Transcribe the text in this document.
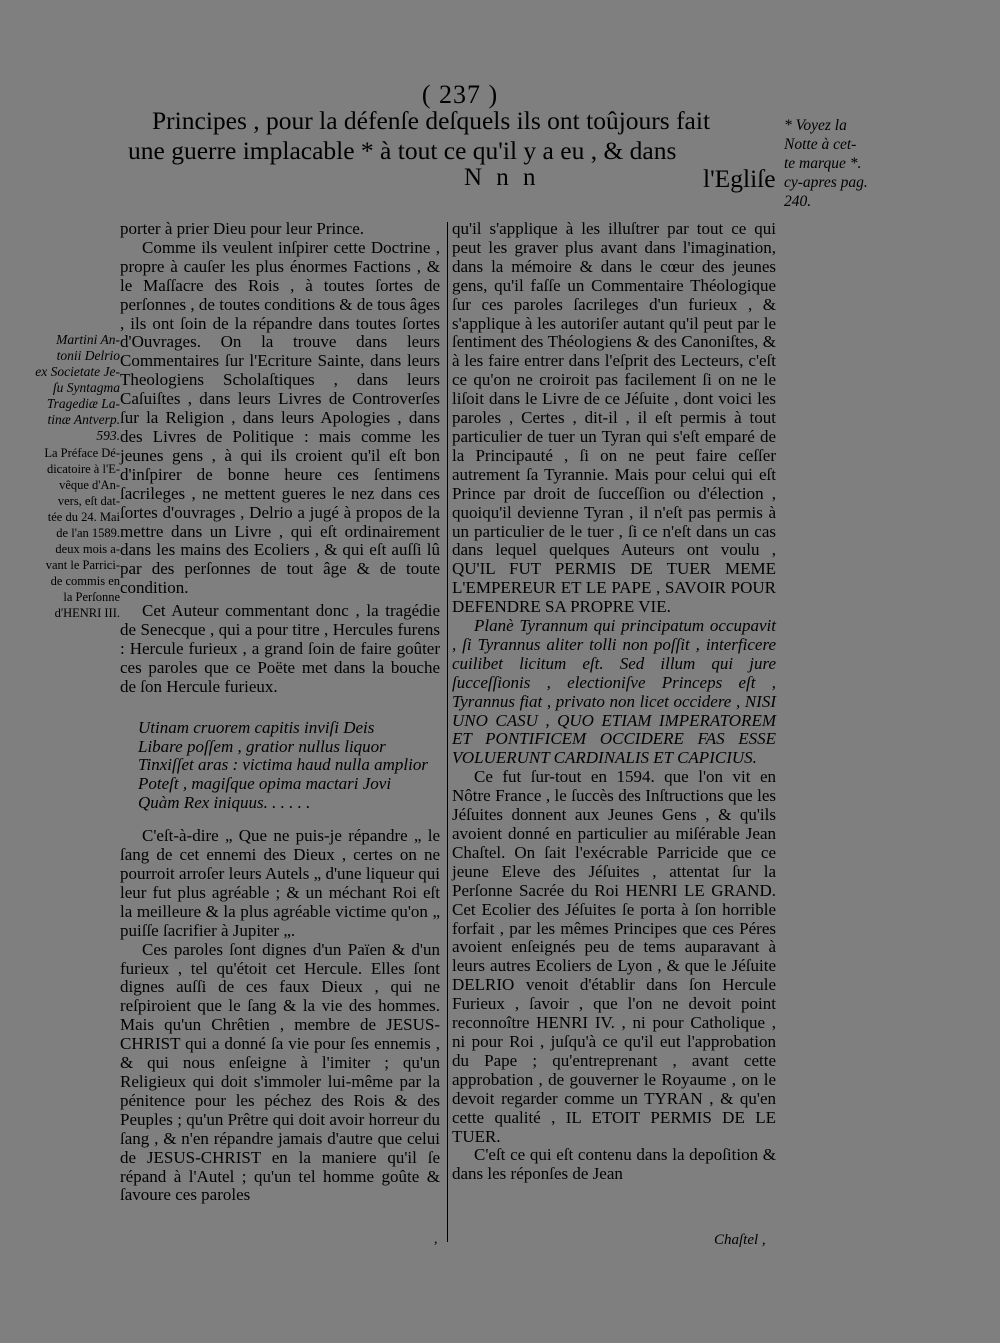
( 237 )
Principes , pour la défenſe deſquels ils ont toûjours fait
une guerre implacable * à tout ce qu'il y a eu , & dans
N n n	l'Egliſe
* Voyez la
Notte à cet-
te marque *.
cy-apres pag.
240.
Martini An-
tonii Delrio
ex Societate Je-
ſu Syntagma
Tragediæ La-
tinæ Antverp.
593.
La Préface Dé-
dicatoire à l'E-
vêque d'An-
vers, eſt dat-
tée du 24. Mai
de l'an 1589.
deux mois a-
vant le Parrici-
de commis en
la Perſonne
d'HENRI III.

porter à prier Dieu pour leur Prince.

Comme ils veulent inſpirer cette Doctrine , propre à cauſer les plus énormes Factions , & le Maſſacre des Rois , à toutes ſortes de perſonnes , de toutes conditions & de tous âges , ils ont ſoin de la répandre dans toutes ſortes d'Ouvrages. On la trouve dans leurs Commentaires ſur l'Ecriture Sainte, dans leurs Theologiens Scholaſtiques , dans leurs Caſuiſtes , dans leurs Livres de Controverſes ſur la Religion , dans leurs Apologies , dans des Livres de Politique : mais comme les jeunes gens , à qui ils croient qu'il eſt bon d'inſpirer de bonne heure ces ſentimens ſacrileges , ne mettent gueres le nez dans ces ſortes d'ouvrages , Delrio a jugé à propos de la mettre dans un Livre , qui eſt ordinairement dans les mains des Ecoliers , & qui eſt auſſi lû par des perſonnes de tout âge & de toute condition.

Cet Auteur commentant donc , la tragédie de Senecque , qui a pour titre , Hercules furens : Hercule furieux , a grand ſoin de faire goûter ces paroles que ce Poëte met dans la bouche de ſon Hercule furieux.

Utinam cruorem capitis inviſi Deis
Libare poſſem , gratior nullus liquor
Tinxiſſet aras : victima haud nulla amplior
Poteſt , magiſque opima mactari Jovi
Quàm Rex iniquus. . . . . .

C'eſt-à-dire „ Que ne puis-je répandre „ le ſang de cet ennemi des Dieux , certes on ne pourroit arroſer leurs Autels „ d'une liqueur qui leur fut plus agréable ; & un méchant Roi eſt la meilleure & la plus agréable victime qu'on „ puiſſe ſacrifier à Jupiter „.

Ces paroles ſont dignes d'un Païen & d'un furieux , tel qu'étoit cet Hercule. Elles ſont dignes auſſi de ces faux Dieux , qui ne reſpiroient que le ſang & la vie des hommes. Mais qu'un Chrêtien , membre de JESUS-CHRIST qui a donné ſa vie pour ſes ennemis , & qui nous enſeigne à l'imiter ; qu'un Religieux qui doit s'immoler lui-même par la pénitence pour les péchez des Rois & des Peuples ; qu'un Prêtre qui doit avoir horreur du ſang , & n'en répandre jamais d'autre que celui de JESUS-CHRIST en la maniere qu'il ſe répand à l'Autel ; qu'un tel homme goûte & ſavoure ces paroles

qu'il s'applique à les illuſtrer par tout ce qui peut les graver plus avant dans l'imagination, dans la mémoire & dans le cœur des jeunes gens, qu'il faſſe un Commentaire Théologique ſur ces paroles ſacrileges d'un furieux , & s'applique à les autoriſer autant qu'il peut par le ſentiment des Théologiens & des Canoniſtes, & à les faire entrer dans l'eſprit des Lecteurs, c'eſt ce qu'on ne croiroit pas facilement ſi on ne le liſoit dans le Livre de ce Jéſuite , dont voici les paroles , Certes , dit-il , il eſt permis à tout particulier de tuer un Tyran qui s'eſt emparé de la Principauté , ſi on ne peut faire ceſſer autrement ſa Tyrannie. Mais pour celui qui eſt Prince par droit de ſucceſſion ou d'élection , quoiqu'il devienne Tyran , il n'eſt pas permis à un particulier de le tuer , ſi ce n'eſt dans un cas dans lequel quelques Auteurs ont voulu , QU'IL FUT PERMIS DE TUER MEME L'EMPEREUR ET LE PAPE , SAVOIR POUR DEFENDRE SA PROPRE VIE.

Planè Tyrannum qui principatum occupavit , ſi Tyrannus aliter tolli non poſſit , interficere cuilibet licitum eſt. Sed illum qui jure ſucceſſionis , electioniſve Princeps eſt , Tyrannus fiat , privato non licet occidere , NISI UNO CASU , QUO ETIAM IMPERATOREM ET PONTIFICEM OCCIDERE FAS ESSE VOLUERUNT CARDINALIS ET CAPICIUS.

Ce fut ſur-tout en 1594. que l'on vit en Nôtre France , le ſuccès des Inſtructions que les Jéſuites donnent aux Jeunes Gens , & qu'ils avoient donné en particulier au miſérable Jean Chaſtel. On ſait l'exécrable Parricide que ce jeune Eleve des Jéſuites , attentat ſur la Perſonne Sacrée du Roi HENRI LE GRAND. Cet Ecolier des Jéſuites ſe porta à ſon horrible forfait , par les mêmes Principes que ces Péres avoient enſeignés peu de tems auparavant à leurs autres Ecoliers de Lyon , & que le Jéſuite DELRIO venoit d'établir dans ſon Hercule Furieux , ſavoir , que l'on ne devoit point reconnoître HENRI IV. , ni pour Catholique , ni pour Roi , juſqu'à ce qu'il eut l'approbation du Pape ; qu'entreprenant , avant cette approbation , de gouverner le Royaume , on le devoit regarder comme un TYRAN , & qu'en cette qualité , IL ETOIT PERMIS DE LE TUER.

C'eſt ce qui eſt contenu dans la depoſition & dans les réponſes de Jean

,	Chaſtel ,
